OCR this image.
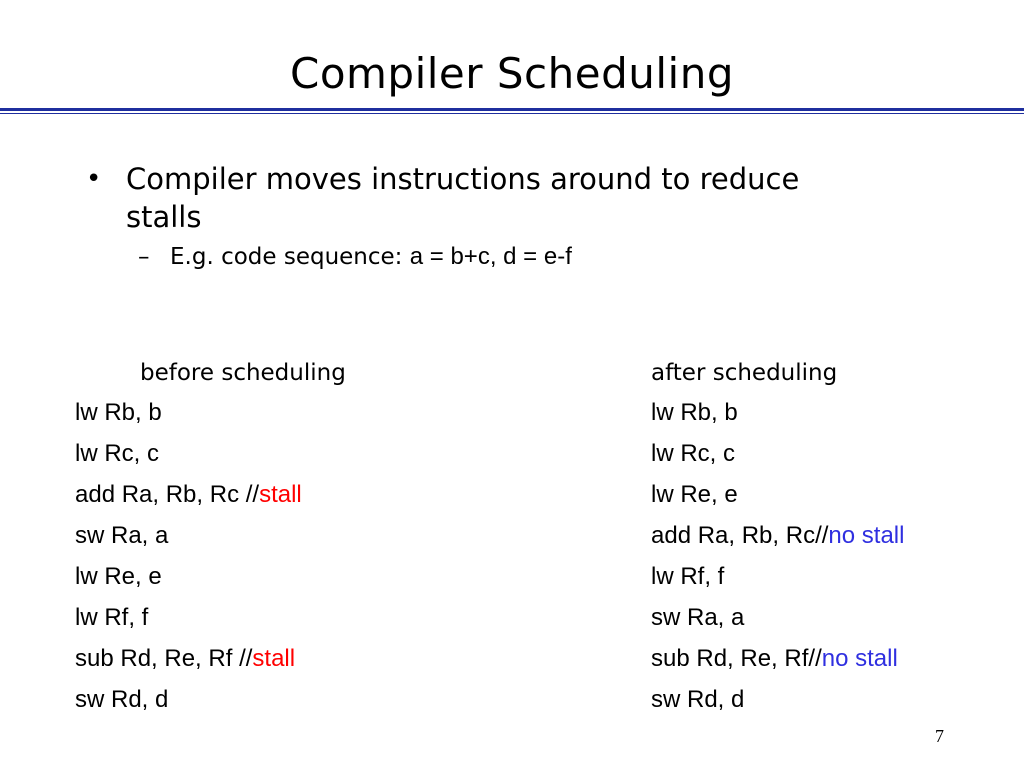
Compiler Scheduling
• Compiler moves instructions around to reduce
stalls
– E.g. code sequence: a = b+c, d = e-f
before scheduling	after scheduling
lw Rb, b
lw Rc, c
add Ra, Rb, Rc //stall
sw Ra, a
lw Re, e
lw Rf, f
sub Rd, Re, Rf //stall
sw Rd, d
lw Rb, b
lw Rc, c
lw Re, e
add Ra, Rb, Rc//no stall
lw Rf, f
sw Ra, a
sub Rd, Re, Rf//no stall
sw Rd, d
7
